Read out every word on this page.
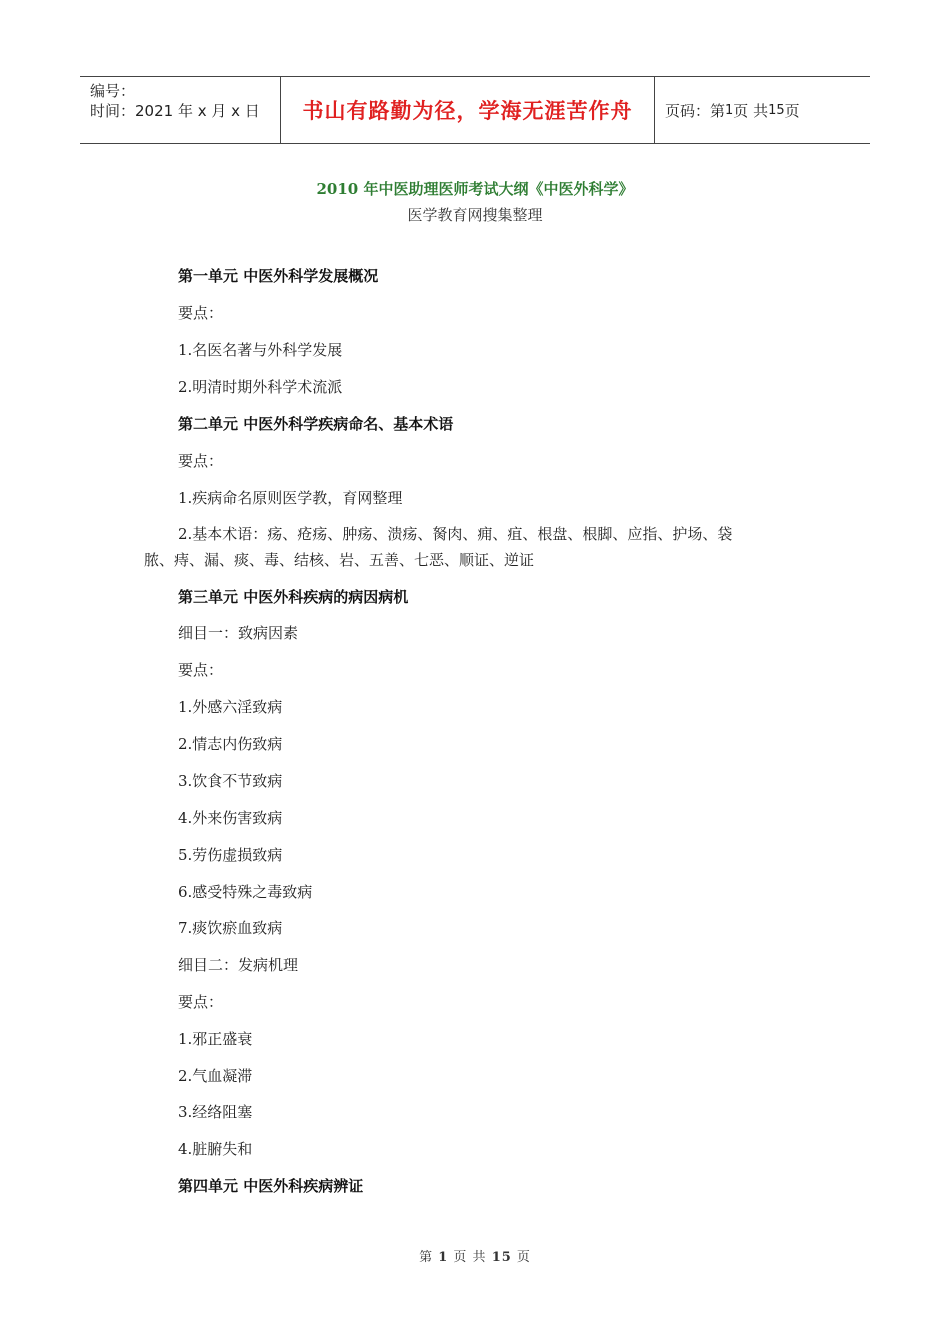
编号：
时间：2021 年 x 月 x 日	书山有路勤为径，学海无涯苦作舟 页码：第 1 页 共 15 页
2010 年中医助理医师考试大纲《中医外科学》
医学教育网搜集整理
第一单元 中医外科学发展概况
要点：
1.名医名著与外科学发展
2.明清时期外科学术流派
第二单元 中医外科学疾病命名、基本术语
要点：
1.疾病命名原则医学教，育网整理
2.基本术语：疡、疮疡、肿疡、溃疡、胬肉、痈、疽、根盘、根脚、应指、护场、袋
脓、痔、漏、痰、毒、结核、岩、五善、七恶、顺证、逆证
第三单元 中医外科疾病的病因病机
细目一：致病因素
要点：
1.外感六淫致病
2.情志内伤致病
3.饮食不节致病
4.外来伤害致病
5.劳伤虚损致病
6.感受特殊之毒致病
7.痰饮瘀血致病
细目二：发病机理
要点：
1.邪正盛衰
2.气血凝滞
3.经络阻塞
4.脏腑失和
第四单元 中医外科疾病辨证
第 1 页 共 15 页
